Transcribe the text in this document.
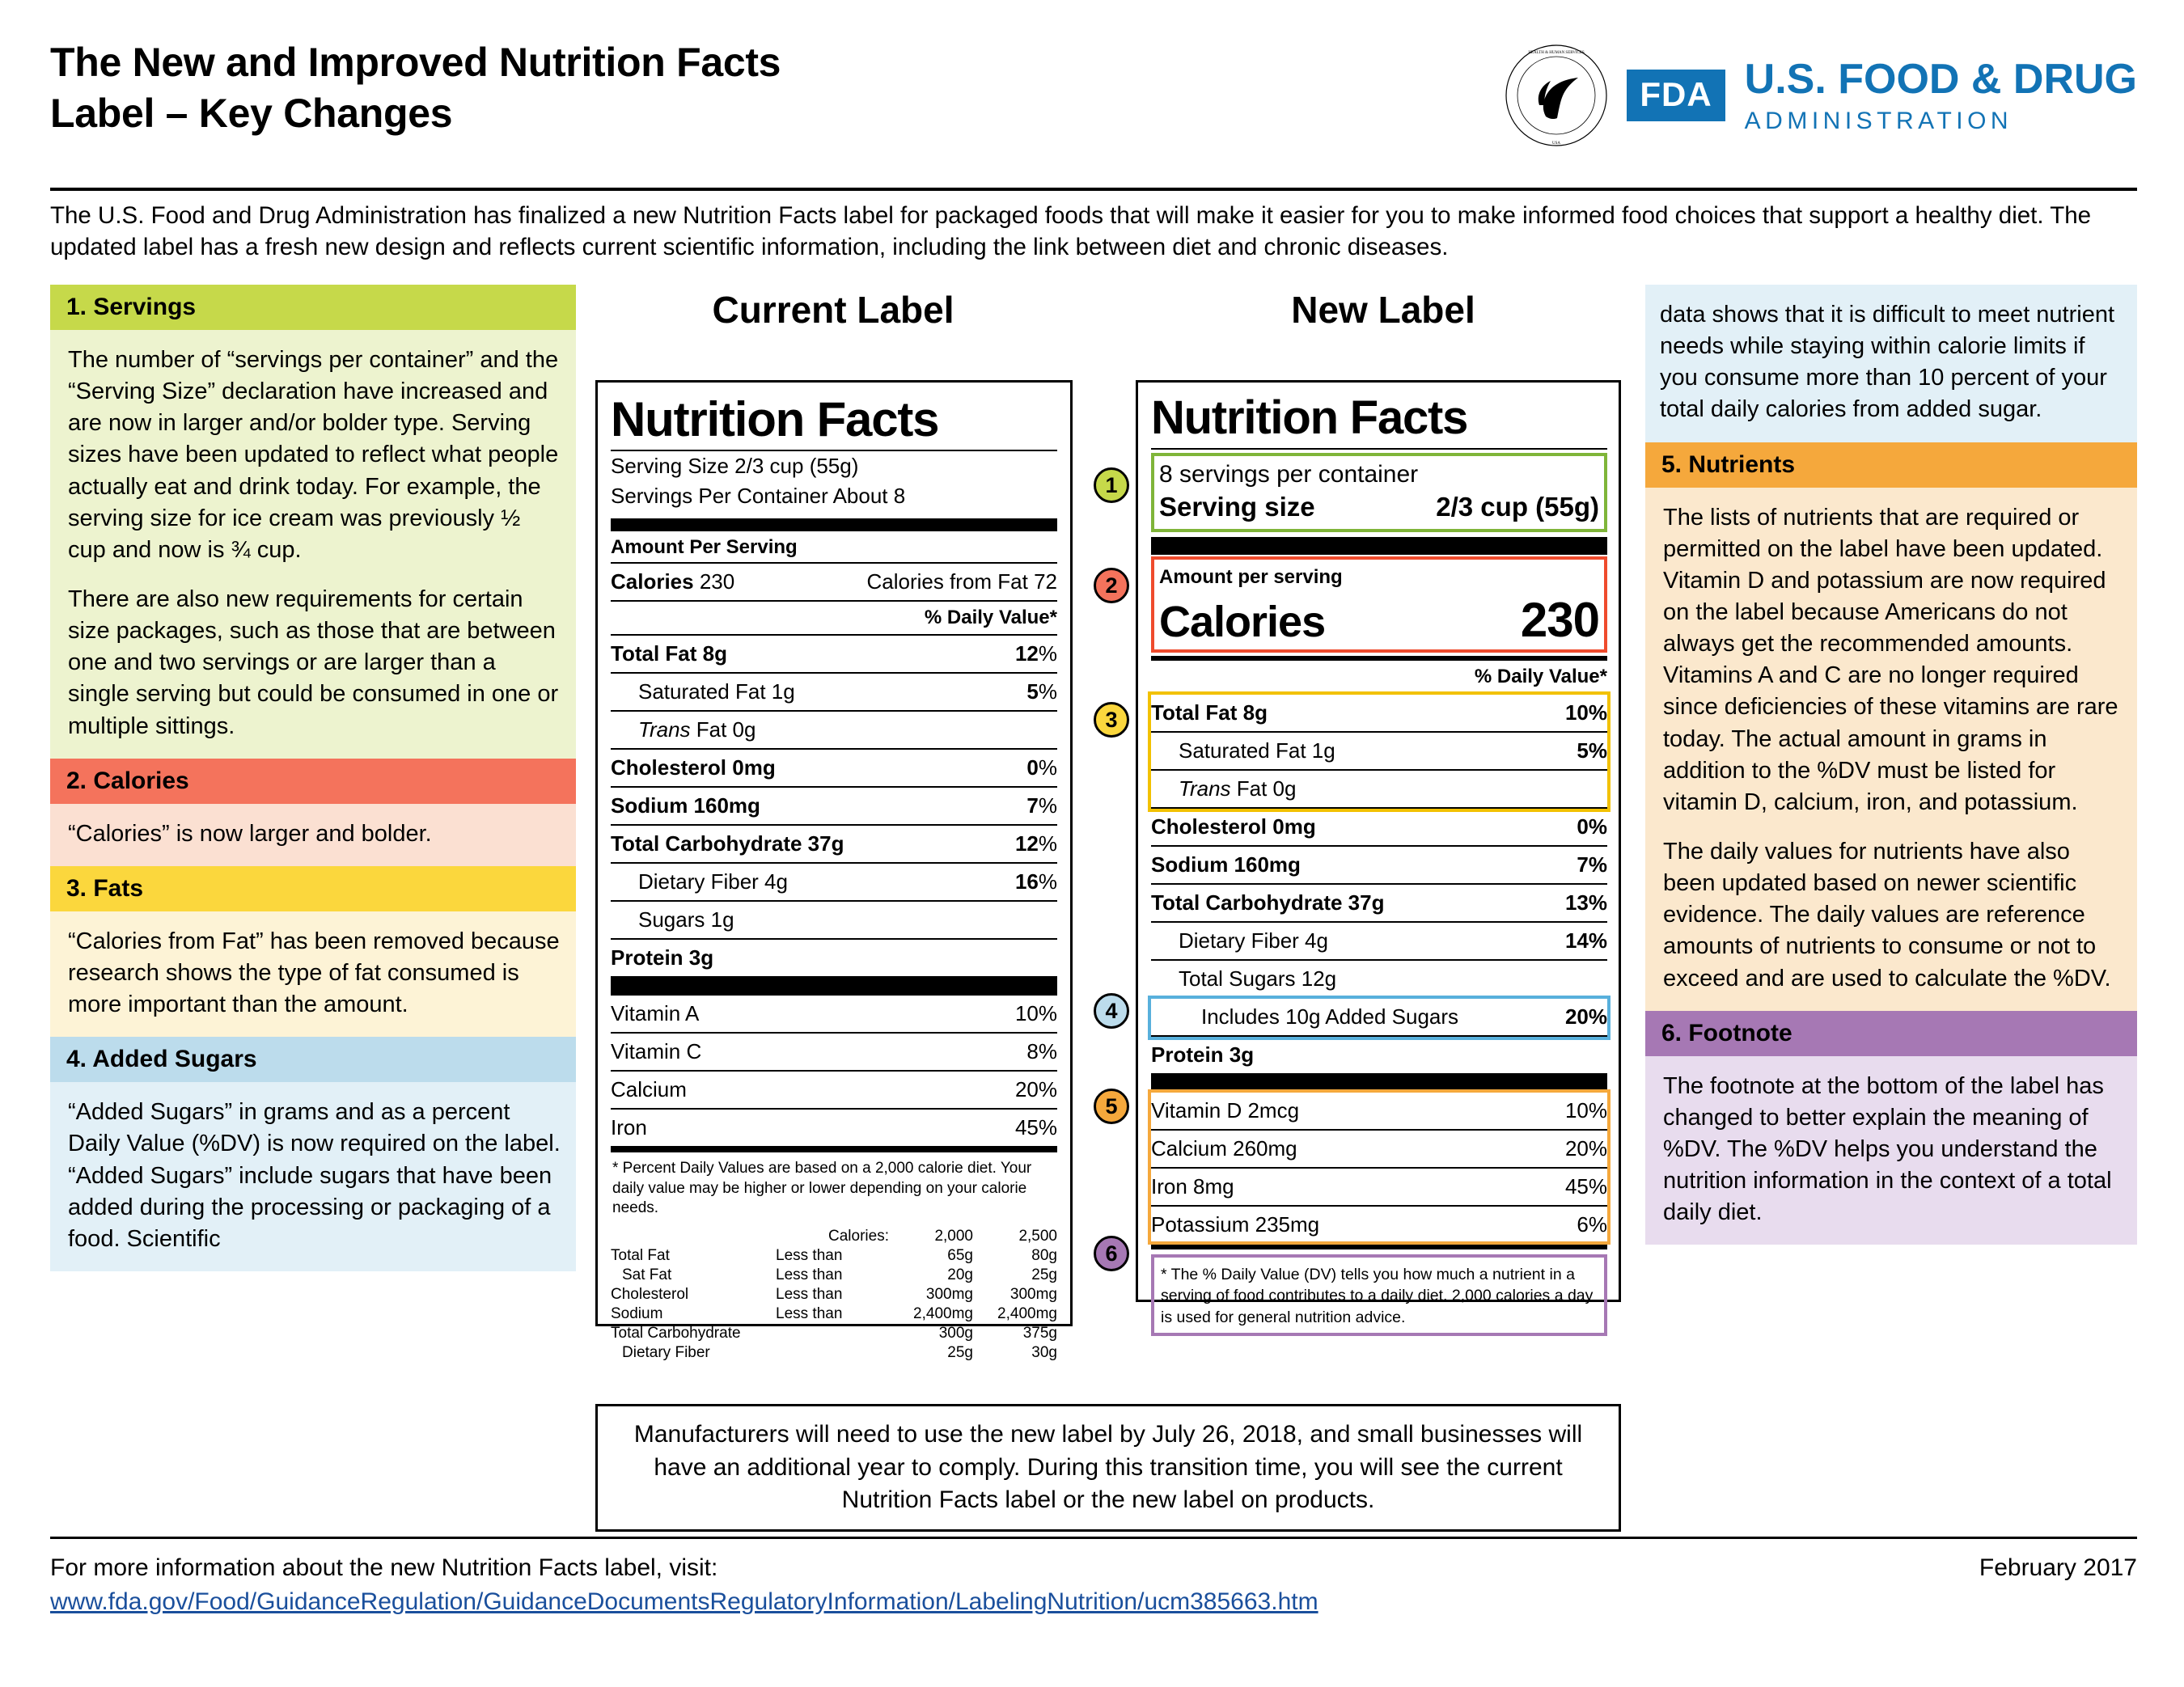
The New and Improved Nutrition Facts
Label – Key Changes
HEALTH & HUMAN SERVICES
USA
FDA U.S. FOOD & DRUG
ADMINISTRATION
The U.S. Food and Drug Administration has finalized a new Nutrition Facts label for packaged foods that will make it easier for you to make informed food choices that support a healthy diet. The updated label has a fresh new design and reflects current scientific information, including the link between diet and chronic diseases.
1. Servings

The number of “servings per container” and the “Serving Size” declaration have increased and are now in larger and/or bolder type. Serving sizes have been updated to reflect what people actually eat and drink today. For example, the serving size for ice cream was previously ½ cup and now is ¾ cup.

There are also new requirements for certain size packages, such as those that are between one and two servings or are larger than a single serving but could be consumed in one or multiple sittings.

2. Calories

“Calories” is now larger and bolder.

3. Fats

“Calories from Fat” has been removed because research shows the type of fat consumed is more important than the amount.

4. Added Sugars

“Added Sugars” in grams and as a percent Daily Value (%DV) is now required on the label. “Added Sugars” include sugars that have been added during the processing or packaging of a food. Scientific

data shows that it is difficult to meet nutrient needs while staying within calorie limits if you consume more than 10 percent of your total daily calories from added sugar.

5. Nutrients

The lists of nutrients that are required or permitted on the label have been updated. Vitamin D and potassium are now required on the label because Americans do not always get the recommended amounts. Vitamins A and C are no longer required since deficiencies of these vitamins are rare today. The actual amount in grams in addition to the %DV must be listed for vitamin D, calcium, iron, and potassium.

The daily values for nutrients have also been updated based on newer scientific evidence. The daily values are reference amounts of nutrients to consume or not to exceed and are used to calculate the %DV.

6. Footnote

The footnote at the bottom of the label has changed to better explain the meaning of %DV. The %DV helps you understand the nutrition information in the context of a total daily diet.

Current Label	New Label
Nutrition Facts
Serving Size 2/3 cup (55g)
Servings Per Container About 8
Amount Per Serving
Calories 230	Calories from Fat 72
% Daily Value*
Total Fat 8g	12%
Saturated Fat 1g	5%
Trans Fat 0g
Cholesterol 0mg	0%
Sodium 160mg	7%
Total Carbohydrate 37g	12%
Dietary Fiber 4g	16%
Sugars 1g
Protein 3g
Vitamin A	10%
Vitamin C	8%
Calcium	20%
Iron	45%
* Percent Daily Values are based on a 2,000 calorie diet. Your daily value may be higher or lower depending on your calorie needs.
	Calories:	2,000	2,500
Total Fat	Less than	65g	80g
Sat Fat	Less than	20g	25g
Cholesterol	Less than	300mg	300mg
Sodium	Less than	2,400mg	2,400mg
Total Carbohydrate		300g	375g
Dietary Fiber		25g	30g
Nutrition Facts
8 servings per container
Serving size	2/3 cup (55g)
Amount per serving
Calories	230
% Daily Value*
Total Fat 8g	10%
Saturated Fat 1g	5%
Trans Fat 0g
Cholesterol 0mg	0%
Sodium 160mg	7%
Total Carbohydrate 37g	13%
Dietary Fiber 4g	14%
Total Sugars 12g
Includes 10g Added Sugars	20%
Protein 3g
Vitamin D 2mcg	10%
Calcium 260mg	20%
Iron 8mg	45%
Potassium 235mg	6%
* The % Daily Value (DV) tells you how much a nutrient in a serving of food contributes to a daily diet. 2,000 calories a day is used for general nutrition advice.
1
2
3
4
5
6
Manufacturers will need to use the new label by July 26, 2018, and small businesses will have an additional year to comply. During this transition time, you will see the current Nutrition Facts label or the new label on products.
For more information about the new Nutrition Facts label, visit:
www.fda.gov/Food/GuidanceRegulation/GuidanceDocumentsRegulatoryInformation/LabelingNutrition/ucm385663.htm
February 2017
